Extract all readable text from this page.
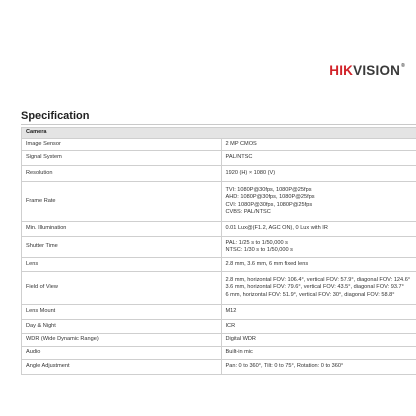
HIKVISION®
Specification
Camera	
Image Sensor	2 MP CMOS

Signal System	PAL/NTSC

Resolution	1920 (H) × 1080 (V)

Frame Rate	TVI: 1080P@30fps, 1080P@25fps
AHD: 1080P@30fps, 1080P@25fps
CVI: 1080P@30fps, 1080P@25fps
CVBS: PAL/NTSC

Min. Illumination	0.01 Lux@(F1.2, AGC ON), 0 Lux with IR

Shutter Time	PAL: 1/25 s to 1/50,000 s
NTSC: 1/30 s to 1/50,000 s

Lens	2.8 mm, 3.6 mm, 6 mm fixed lens

Field of View	2.8 mm, horizontal FOV: 106.4°, vertical FOV: 57.9°, diagonal FOV: 124.6°
3.6 mm, horizontal FOV: 79.6°, vertical FOV: 43.5°, diagonal FOV: 93.7°
6 mm, horizontal FOV: 51.9°, vertical FOV: 30°, diagonal FOV: 58.8°

Lens Mount	M12

Day & Night	ICR

WDR (Wide Dynamic Range)	Digital WDR

Audio	Built-in mic

Angle Adjustment	Pan: 0 to 360°, Tilt: 0 to 75°, Rotation: 0 to 360°
